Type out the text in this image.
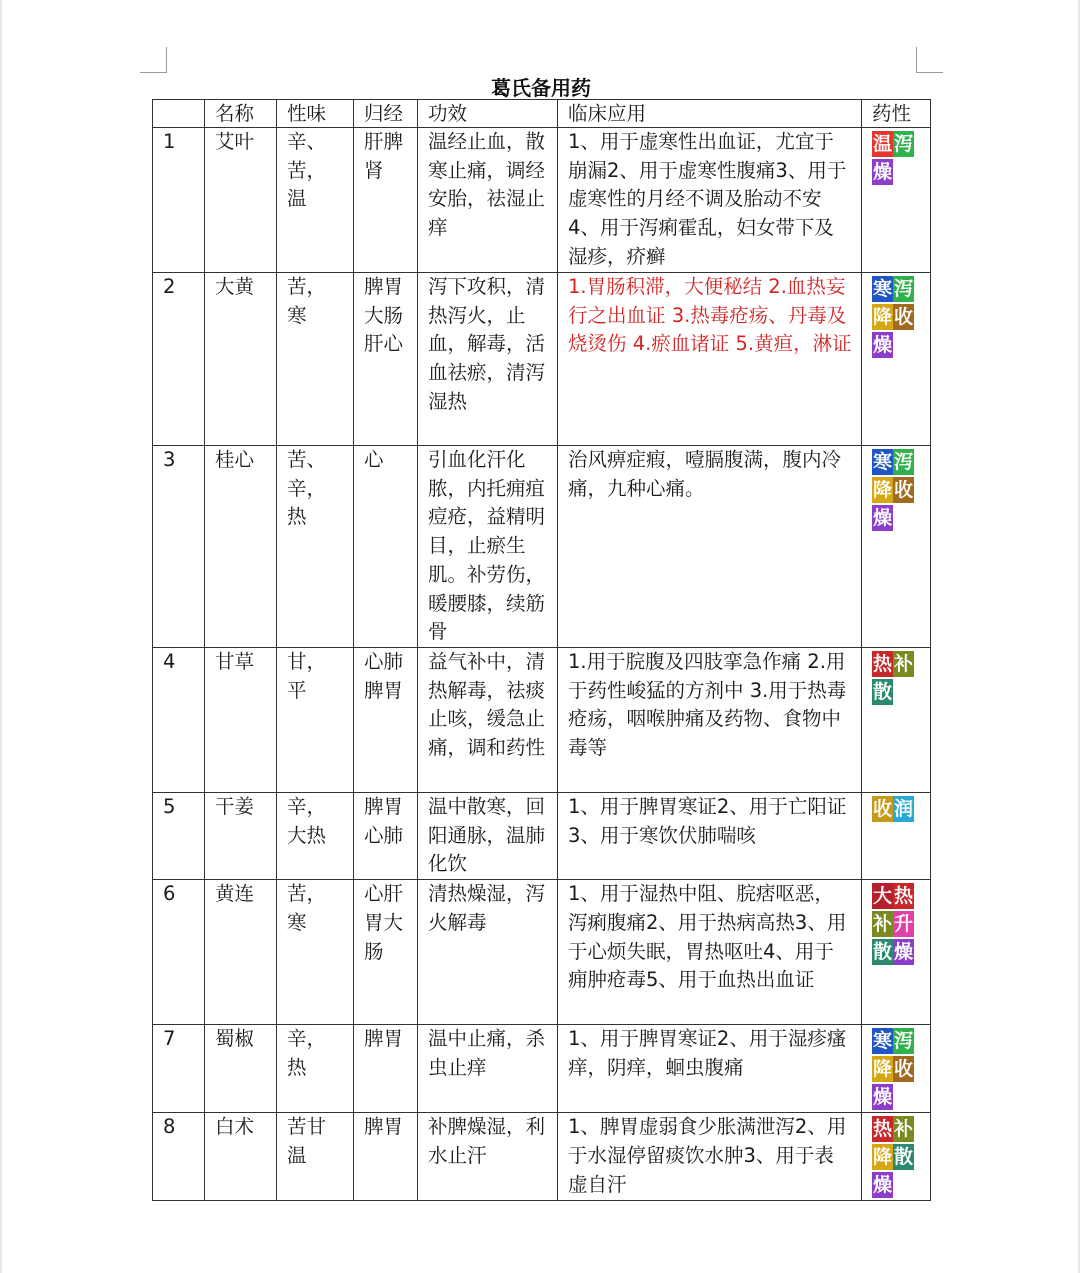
葛氏备用药
	名称	性味	归经	功效	临床应用	药性
1	艾叶	辛、苦，温	肝脾肾	温经止血，散寒止痛，调经安胎，祛湿止痒	1、用于虚寒性出血证，尤宜于崩漏2、用于虚寒性腹痛3、用于虚寒性的月经不调及胎动不安4、用于泻痢霍乱，妇女带下及湿疹，疥癣	温 泻燥

2	大黄	苦，寒	脾胃大肠肝心	泻下攻积，清热泻火，止血，解毒，活血祛瘀，清泻湿热	1.胃肠积滞，大便秘结 2.血热妄行之出血证 3.热毒疮疡、丹毒及烧烫伤 4.瘀血诸证 5.黄疸，淋证	寒 泻降 收燥

3	桂心	苦、辛，热	心	引血化汗化脓，内托痈疽痘疮，益精明目，止瘀生肌。补劳伤，暖腰膝，续筋骨	治风痹症瘕，噎膈腹满，腹内冷痛，九种心痛。	寒 泻降 收燥

4	甘草	甘，平	心肺脾胃	益气补中，清热解毒，祛痰止咳，缓急止痛，调和药性	1.用于脘腹及四肢挛急作痛 2.用于药性峻猛的方剂中 3.用于热毒疮疡，咽喉肿痛及药物、食物中毒等	热 补散

5	干姜	辛，大热	脾胃心肺	温中散寒，回阳通脉，温肺化饮	1、用于脾胃寒证2、用于亡阳证3、用于寒饮伏肺喘咳	收 润

6	黄连	苦，寒	心肝胃大肠	清热燥湿，泻火解毒	1、用于湿热中阻、脘痞呕恶，泻痢腹痛2、用于热病高热3、用于心烦失眠，胃热呕吐4、用于痈肿疮毒5、用于血热出血证	大 热补 升散 燥

7	蜀椒	辛，热	脾胃	温中止痛，杀虫止痒	1、用于脾胃寒证2、用于湿疹瘙痒，阴痒，蛔虫腹痛	寒 泻降 收燥

8	白术	苦甘温	脾胃	补脾燥湿，利水止汗	1、脾胃虚弱食少胀满泄泻2、用于水湿停留痰饮水肿3、用于表虚自汗	热 补降 散燥
